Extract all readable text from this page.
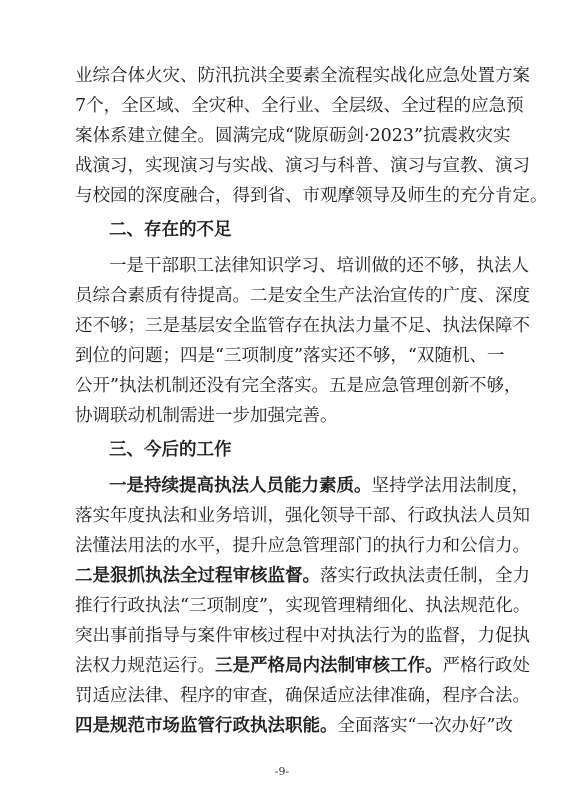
业综合体火灾、防汛抗洪全要素全流程实战化应急处置方案
7个，全区域、全灾种、全行业、全层级、全过程的应急预
案体系建立健全。圆满完成“陇原砺剑·2023”抗震救灾实
战演习，实现演习与实战、演习与科普、演习与宣教、演习
与校园的深度融合，得到省、市观摩领导及师生的充分肯定。
二、存在的不足
一是干部职工法律知识学习、培训做的还不够，执法人
员综合素质有待提高。二是安全生产法治宣传的广度、深度
还不够；三是基层安全监管存在执法力量不足、执法保障不
到位的问题；四是“三项制度”落实还不够，“双随机、一
公开”执法机制还没有完全落实。五是应急管理创新不够，
协调联动机制需进一步加强完善。
三、今后的工作
一是持续提高执法人员能力素质。坚持学法用法制度，
落实年度执法和业务培训，强化领导干部、行政执法人员知
法懂法用法的水平，提升应急管理部门的执行力和公信力。
二是狠抓执法全过程审核监督。落实行政执法责任制，全力
推行行政执法“三项制度”，实现管理精细化、执法规范化。
突出事前指导与案件审核过程中对执法行为的监督，力促执
法权力规范运行。三是严格局内法制审核工作。严格行政处
罚适应法律、程序的审查，确保适应法律准确，程序合法。
四是规范市场监管行政执法职能。全面落实“一次办好”改
-9-
